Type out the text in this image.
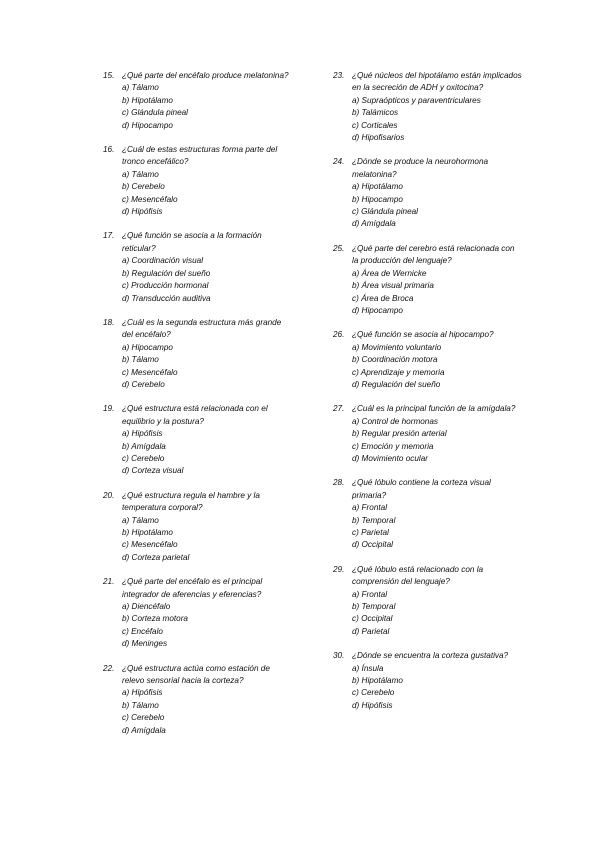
15. ¿Qué parte del encéfalo produce melatonina?
a) Tálamo
b) Hipotálamo
c) Glándula pineal
d) Hipocampo
16. ¿Cuál de estas estructuras forma parte del tronco encefálico?
a) Tálamo
b) Cerebelo
c) Mesencéfalo
d) Hipófisis
17. ¿Qué función se asocia a la formación reticular?
a) Coordinación visual
b) Regulación del sueño
c) Producción hormonal
d) Transducción auditiva
18. ¿Cuál es la segunda estructura más grande del encéfalo?
a) Hipocampo
b) Tálamo
c) Mesencéfalo
d) Cerebelo
19. ¿Qué estructura está relacionada con el equilibrio y la postura?
a) Hipófisis
b) Amígdala
c) Cerebelo
d) Corteza visual
20. ¿Qué estructura regula el hambre y la temperatura corporal?
a) Tálamo
b) Hipotálamo
c) Mesencéfalo
d) Corteza parietal
21. ¿Qué parte del encéfalo es el principal integrador de aferencias y eferencias?
a) Diencéfalo
b) Corteza motora
c) Encéfalo
d) Meninges
22. ¿Qué estructura actúa como estación de relevo sensorial hacia la corteza?
a) Hipófisis
b) Tálamo
c) Cerebelo
d) Amígdala
23. ¿Qué núcleos del hipotálamo están implicados en la secreción de ADH y oxitocina?
a) Supraópticos y paraventriculares
b) Talámicos
c) Corticales
d) Hipofisarios
24. ¿Dónde se produce la neurohormona melatonina?
a) Hipotálamo
b) Hipocampo
c) Glándula pineal
d) Amígdala
25. ¿Qué parte del cerebro está relacionada con la producción del lenguaje?
a) Área de Wernicke
b) Área visual primaria
c) Área de Broca
d) Hipocampo
26. ¿Qué función se asocia al hipocampo?
a) Movimiento voluntario
b) Coordinación motora
c) Aprendizaje y memoria
d) Regulación del sueño
27. ¿Cuál es la principal función de la amígdala?
a) Control de hormonas
b) Regular presión arterial
c) Emoción y memoria
d) Movimiento ocular
28. ¿Qué lóbulo contiene la corteza visual primaria?
a) Frontal
b) Temporal
c) Parietal
d) Occipital
29. ¿Qué lóbulo está relacionado con la comprensión del lenguaje?
a) Frontal
b) Temporal
c) Occipital
d) Parietal
30. ¿Dónde se encuentra la corteza gustativa?
a) Ínsula
b) Hipotálamo
c) Cerebelo
d) Hipófisis
